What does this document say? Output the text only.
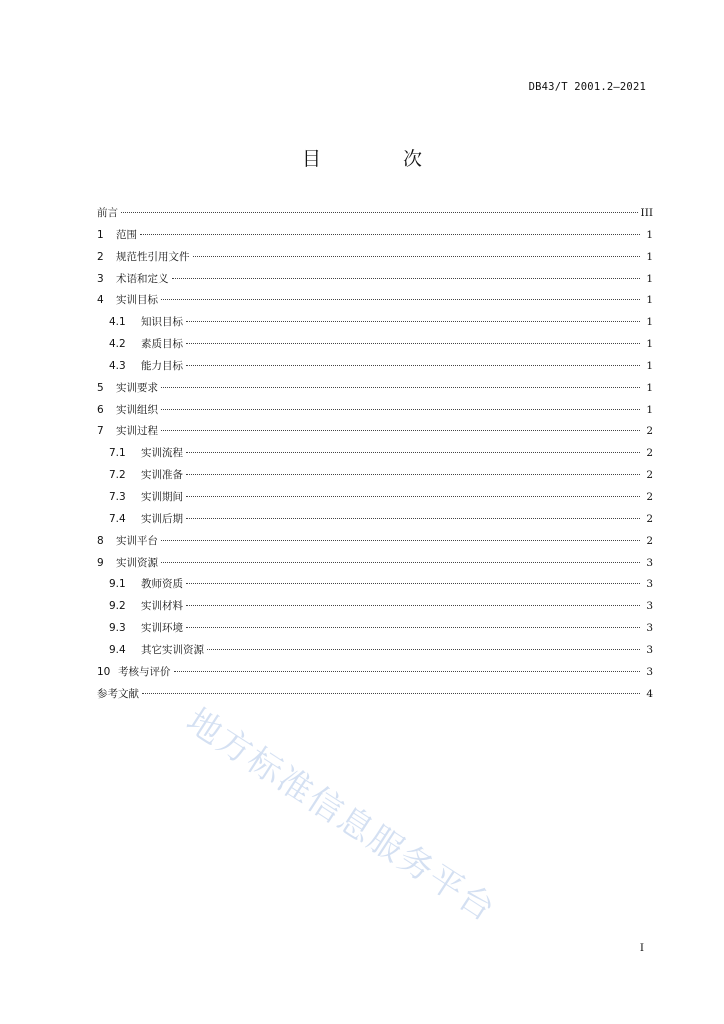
DB43/T 2001.2—2021
目 次
前言	III
1 范围	1
2 规范性引用文件	1
3 术语和定义	1
4 实训目标	1
4.1	知识目标	1
4.2	素质目标	1
4.3	能力目标	1
5 实训要求	1
6 实训组织	1
7 实训过程	2
7.1	实训流程	2
7.2	实训准备	2
7.3	实训期间	2
7.4	实训后期	2
8 实训平台	2
9 实训资源	3
9.1	教师资质	3
9.2	实训材料	3
9.3	实训环境	3
9.4	其它实训资源	3
10 考核与评价	3
参考文献	4
地方标准信息服务平台
I
